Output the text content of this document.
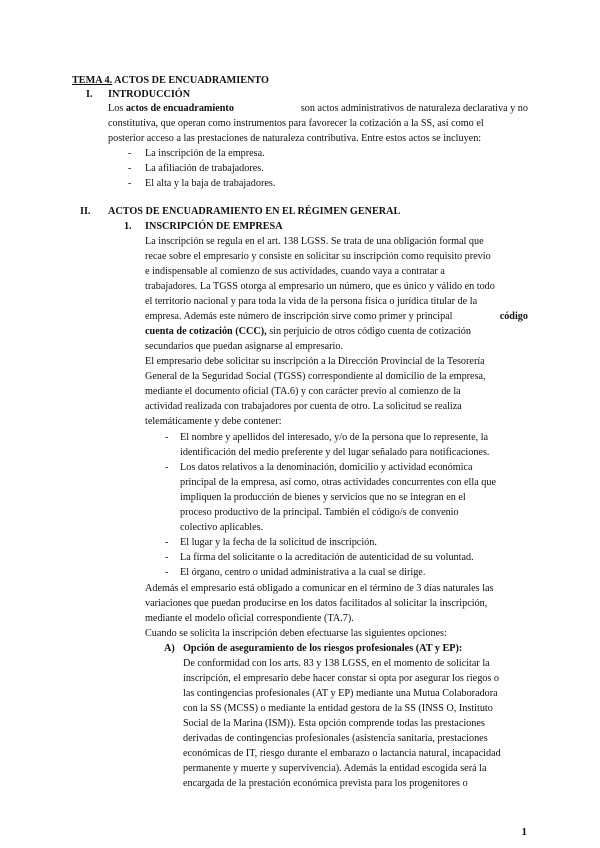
TEMA 4. ACTOS DE ENCUADRAMIENTO
I. INTRODUCCIÓN
Los actos de encuadramiento	son actos administrativos de naturaleza declarativa y no
constitutiva, que operan como instrumentos para favorecer la cotización a la SS, así como el
posterior acceso a las prestaciones de naturaleza contributiva. Entre estos actos se incluyen:
- La inscripción de la empresa.
- La afiliación de trabajadores.
- El alta y la baja de trabajadores.
II. ACTOS DE ENCUADRAMIENTO EN EL RÉGIMEN GENERAL
1. INSCRIPCIÓN DE EMPRESA
La inscripción se regula en el art. 138 LGSS. Se trata de una obligación formal que
recae sobre el empresario y consiste en solicitar su inscripción como requisito previo
e indispensable al comienzo de sus actividades, cuando vaya a contratar a
trabajadores. La TGSS otorga al empresario un número, que es único y válido en todo
el territorio nacional y para toda la vida de la persona física o jurídica titular de la
empresa. Además este número de inscripción sirve como primer y principal	código
cuenta de cotización (CCC), sin perjuicio de otros código cuenta de cotización
secundarios que puedan asignarse al empresario.
El empresario debe solicitar su inscripción a la Dirección Provincial de la Tesorería
General de la Seguridad Social (TGSS) correspondiente al domicilio de la empresa,
mediante el documento oficial (TA.6) y con carácter previo al comienzo de la
actividad realizada con trabajadores por cuenta de otro. La solicitud se realiza
telemáticamente y debe contener:
- El nombre y apellidos del interesado, y/o de la persona que lo represente, la
identificación del medio preferente y del lugar señalado para notificaciones.
- Los datos relativos a la denominación, domicilio y actividad económica
principal de la empresa, así como, otras actividades concurrentes con ella que
impliquen la producción de bienes y servicios que no se integran en el
proceso productivo de la principal. También el código/s de convenio
colectivo aplicables.
- El lugar y la fecha de la solicitud de inscripción.
- La firma del solicitante o la acreditación de autenticidad de su voluntad.
- El órgano, centro o unidad administrativa a la cual se dirige.
Además el empresario está obligado a comunicar en el término de 3 días naturales las
variaciones que puedan producirse en los datos facilitados al solicitar la inscripción,
mediante el modelo oficial correspondiente (TA.7).
Cuando se solicita la inscripción deben efectuarse las siguientes opciones:
A) Opción de aseguramiento de los riesgos profesionales (AT y EP):
De conformidad con los arts. 83 y 138 LGSS, en el momento de solicitar la
inscripción, el empresario debe hacer constar si opta por asegurar los riegos o
las contingencias profesionales (AT y EP) mediante una Mutua Colaboradora
con la SS (MCSS) o mediante la entidad gestora de la SS (INSS O, Instituto
Social de la Marina (ISM)). Esta opción comprende todas las prestaciones
derivadas de contingencias profesionales (asistencia sanitaria, prestaciones
económicas de IT, riesgo durante el embarazo o lactancia natural, incapacidad
permanente y muerte y supervivencia). Además la entidad escogida será la
encargada de la prestación económica prevista para los progenitores o
1
